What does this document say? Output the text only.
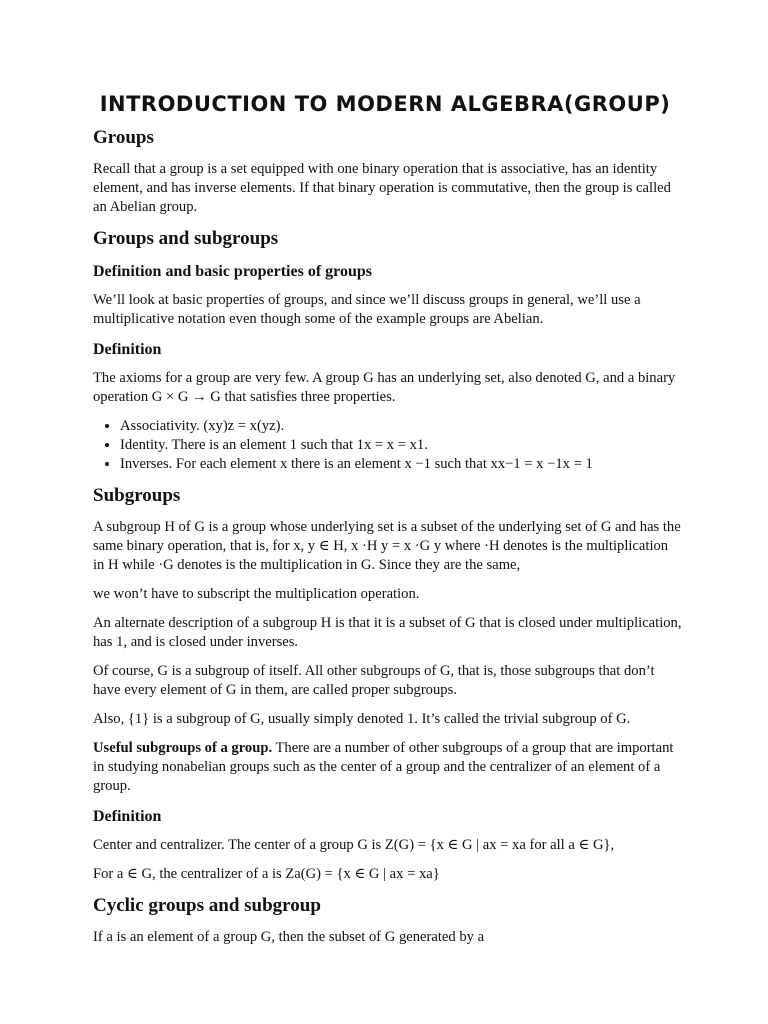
INTRODUCTION TO MODERN ALGEBRA(GROUP)
Groups

Recall that a group is a set equipped with one binary operation that is associative, has an identity element, and has inverse elements. If that binary operation is commutative, then the group is called an Abelian group.

Groups and subgroups
Definition and basic properties of groups

We’ll look at basic properties of groups, and since we’ll discuss groups in general, we’ll use a multiplicative notation even though some of the example groups are Abelian.

Definition

The axioms for a group are very few. A group G has an underlying set, also denoted G, and a binary operation G × G → G that satisfies three properties.

• Associativity. (xy)z = x(yz).
• Identity. There is an element 1 such that 1x = x = x1.
• Inverses. For each element x there is an element x −1 such that xx−1 = x −1x = 1
Subgroups

A subgroup H of G is a group whose underlying set is a subset of the underlying set of G and has the same binary operation, that is, for x, y ∈ H, x ·H y = x ·G y where ·H denotes is the multiplication in H while ·G denotes is the multiplication in G. Since they are the same,

we won’t have to subscript the multiplication operation.

An alternate description of a subgroup H is that it is a subset of G that is closed under multiplication, has 1, and is closed under inverses.

Of course, G is a subgroup of itself. All other subgroups of G, that is, those subgroups that don’t have every element of G in them, are called proper subgroups.

Also, {1} is a subgroup of G, usually simply denoted 1. It’s called the trivial subgroup of G.

Useful subgroups of a group. There are a number of other subgroups of a group that are important in studying nonabelian groups such as the center of a group and the centralizer of an element of a group.

Definition

Center and centralizer. The center of a group G is Z(G) = {x ∈ G | ax = xa for all a ∈ G},

For a ∈ G, the centralizer of a is Za(G) = {x ∈ G | ax = xa}

Cyclic groups and subgroup

If a is an element of a group G, then the subset of G generated by a
